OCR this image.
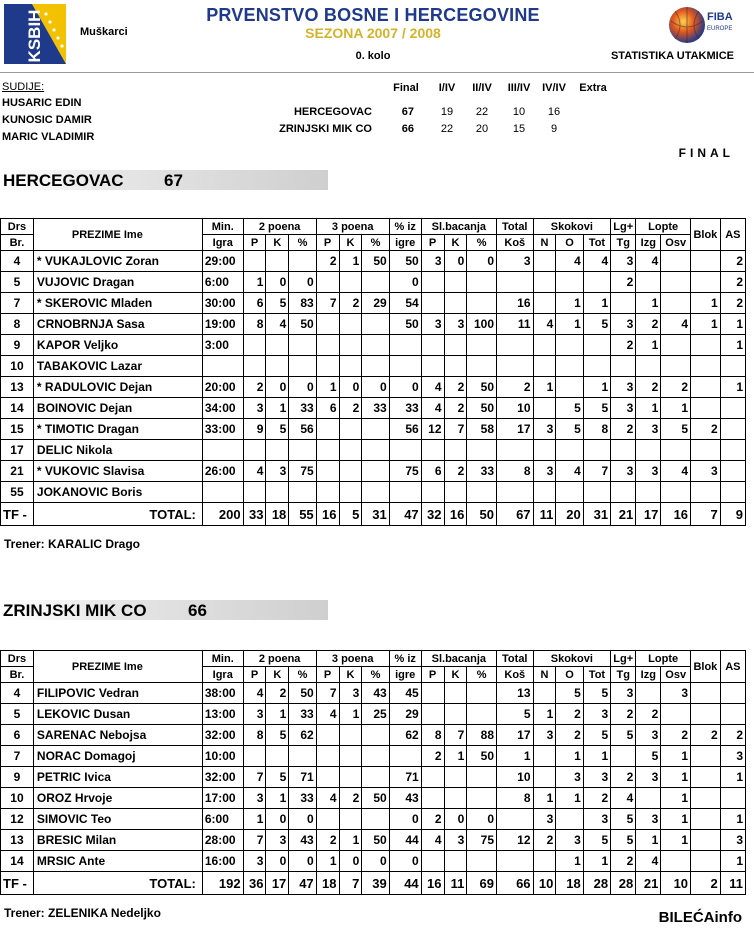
KSBIH	Muškarci
PRVENSTVO BOSNE I HERCEGOVINE
SEZONA 2007 / 2008
0. kolo
FIBA
EUROPE
STATISTIKA UTAKMICE
SUDIJE:
HUSARIC EDIN
KUNOSIC DAMIR
MARIC VLADIMIR
Final	I/IV	II/IV	III/IV	IV/IV	Extra
HERCEGOVAC	67	19	22	10	16
ZRINJSKI MIK CO	66	22	20	15	9
FINAL
HERCEGOVAC 67
Drs	PREZIME Ime	Min.	2 poena			3 poena			% iz	Sl.bacanja			Total	Skokovi			Lg+	Lopte		Blok	AS
Br.		Igra	P	K	%	P	K	%	igre	P	K	%	Koš	N	O	Tot	Tg	Izg	Osv		
4	* VUKAJLOVIC Zoran	29:00				2	1	50	50	3	0	0	3		4	4	3	4			2
5	VUJOVIC Dragan	6:00	1	0	0				0								2				2
7	* SKEROVIC Mladen	30:00	6	5	83	7	2	29	54				16		1	1		1		1	2
8	CRNOBRNJA Sasa	19:00	8	4	50				50	3	3	100	11	4	1	5	3	2	4	1	1
9	KAPOR Veljko	3:00															2	1			1
10	TABAKOVIC Lazar																				
13	* RADULOVIC Dejan	20:00	2	0	0	1	0	0	0	4	2	50	2	1		1	3	2	2		1
14	BOINOVIC Dejan	34:00	3	1	33	6	2	33	33	4	2	50	10		5	5	3	1	1		
15	* TIMOTIC Dragan	33:00	9	5	56				56	12	7	58	17	3	5	8	2	3	5	2	
17	DELIC Nikola																				
21	* VUKOVIC Slavisa	26:00	4	3	75				75	6	2	33	8	3	4	7	3	3	4	3	
55	JOKANOVIC Boris																				
TF -	TOTAL:	200	33	18	55	16	5	31	47	32	16	50	67	11	20	31	21	17	16	7	9
Trener: KARALIC Drago
ZRINJSKI MIK CO 66
Drs	PREZIME Ime	Min.	2 poena			3 poena			% iz	Sl.bacanja			Total	Skokovi			Lg+	Lopte		Blok	AS
Br.		Igra	P	K	%	P	K	%	igre	P	K	%	Koš	N	O	Tot	Tg	Izg	Osv		
4	FILIPOVIC Vedran	38:00	4	2	50	7	3	43	45				13		5	5	3		3		
5	LEKOVIC Dusan	13:00	3	1	33	4	1	25	29				5	1	2	3	2	2			
6	SARENAC Nebojsa	32:00	8	5	62				62	8	7	88	17	3	2	5	5	3	2	2	2
7	NORAC Domagoj	10:00								2	1	50	1		1	1		5	1		3
9	PETRIC Ivica	32:00	7	5	71				71				10		3	3	2	3	1		1
10	OROZ Hrvoje	17:00	3	1	33	4	2	50	43				8	1	1	2	4		1		
12	SIMOVIC Teo	6:00	1	0	0				0	2	0	0		3		3	5	3	1		1
13	BRESIC Milan	28:00	7	3	43	2	1	50	44	4	3	75	12	2	3	5	5	1	1		3
14	MRSIC Ante	16:00	3	0	0	1	0	0	0						1	1	2	4			1
TF -	TOTAL:	192	36	17	47	18	7	39	44	16	11	69	66	10	18	28	28	21	10	2	11
Trener: ZELENIKA Nedeljko	BILEĆAinfo
